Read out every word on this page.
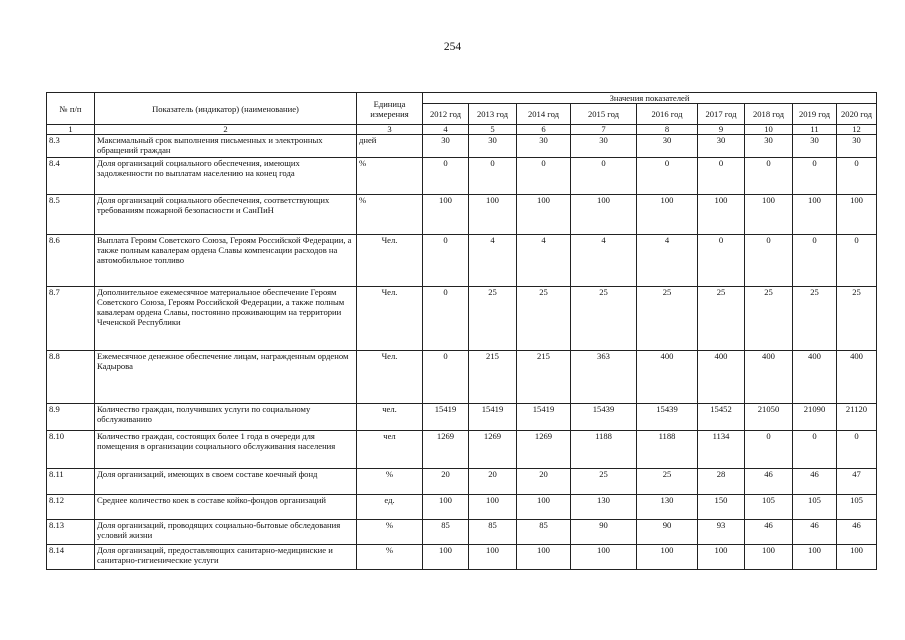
254
№ п/п	Показатель (индикатор) (наименование)	Единица измерения	Значения показателей								
			2012 год	2013 год	2014 год	2015 год	2016 год	2017 год	2018 год	2019 год	2020 год
1	2	3	4	5	6	7	8	9	10	11	12
8.3	Максимальный срок выполнения письменных и электронных обращений граждан	дней	30	30	30	30	30	30	30	30	30
8.4	Доля организаций социального обеспечения, имеющих задолженности по выплатам населению на конец года	%	0	0	0	0	0	0	0	0	0
8.5	Доля организаций социального обеспечения, соответствующих требованиям пожарной безопасности и СанПиН	%	100	100	100	100	100	100	100	100	100
8.6	Выплата Героям Советского Союза, Героям Российской Федерации, а также полным кавалерам ордена Славы компенсации расходов на автомобильное топливо	Чел.	0	4	4	4	4	0	0	0	0
8.7	Дополнительное ежемесячное материальное обеспечение Героям Советского Союза, Героям Российской Федерации, а также полным кавалерам ордена Славы, постоянно проживающим на территории Чеченской Республики	Чел.	0	25	25	25	25	25	25	25	25
8.8	Ежемесячное денежное обеспечение лицам, награжденным орденом Кадырова	Чел.	0	215	215	363	400	400	400	400	400
8.9	Количество граждан, получивших услуги по социальному обслуживанию	чел.	15419	15419	15419	15439	15439	15452	21050	21090	21120
8.10	Количество граждан, состоящих более 1 года в очереди для помещения в организации социального обслуживания населения	чел	1269	1269	1269	1188	1188	1134	0	0	0
8.11	Доля организаций, имеющих в своем составе коечный фонд	%	20	20	20	25	25	28	46	46	47
8.12	Среднее количество коек в составе койко-фондов организаций	ед.	100	100	100	130	130	150	105	105	105
8.13	Доля организаций, проводящих социально-бытовые обследования условий жизни	%	85	85	85	90	90	93	46	46	46
8.14	Доля организаций, предоставляющих санитарно-медицинские и санитарно-гигиенические услуги	%	100	100	100	100	100	100	100	100	100
